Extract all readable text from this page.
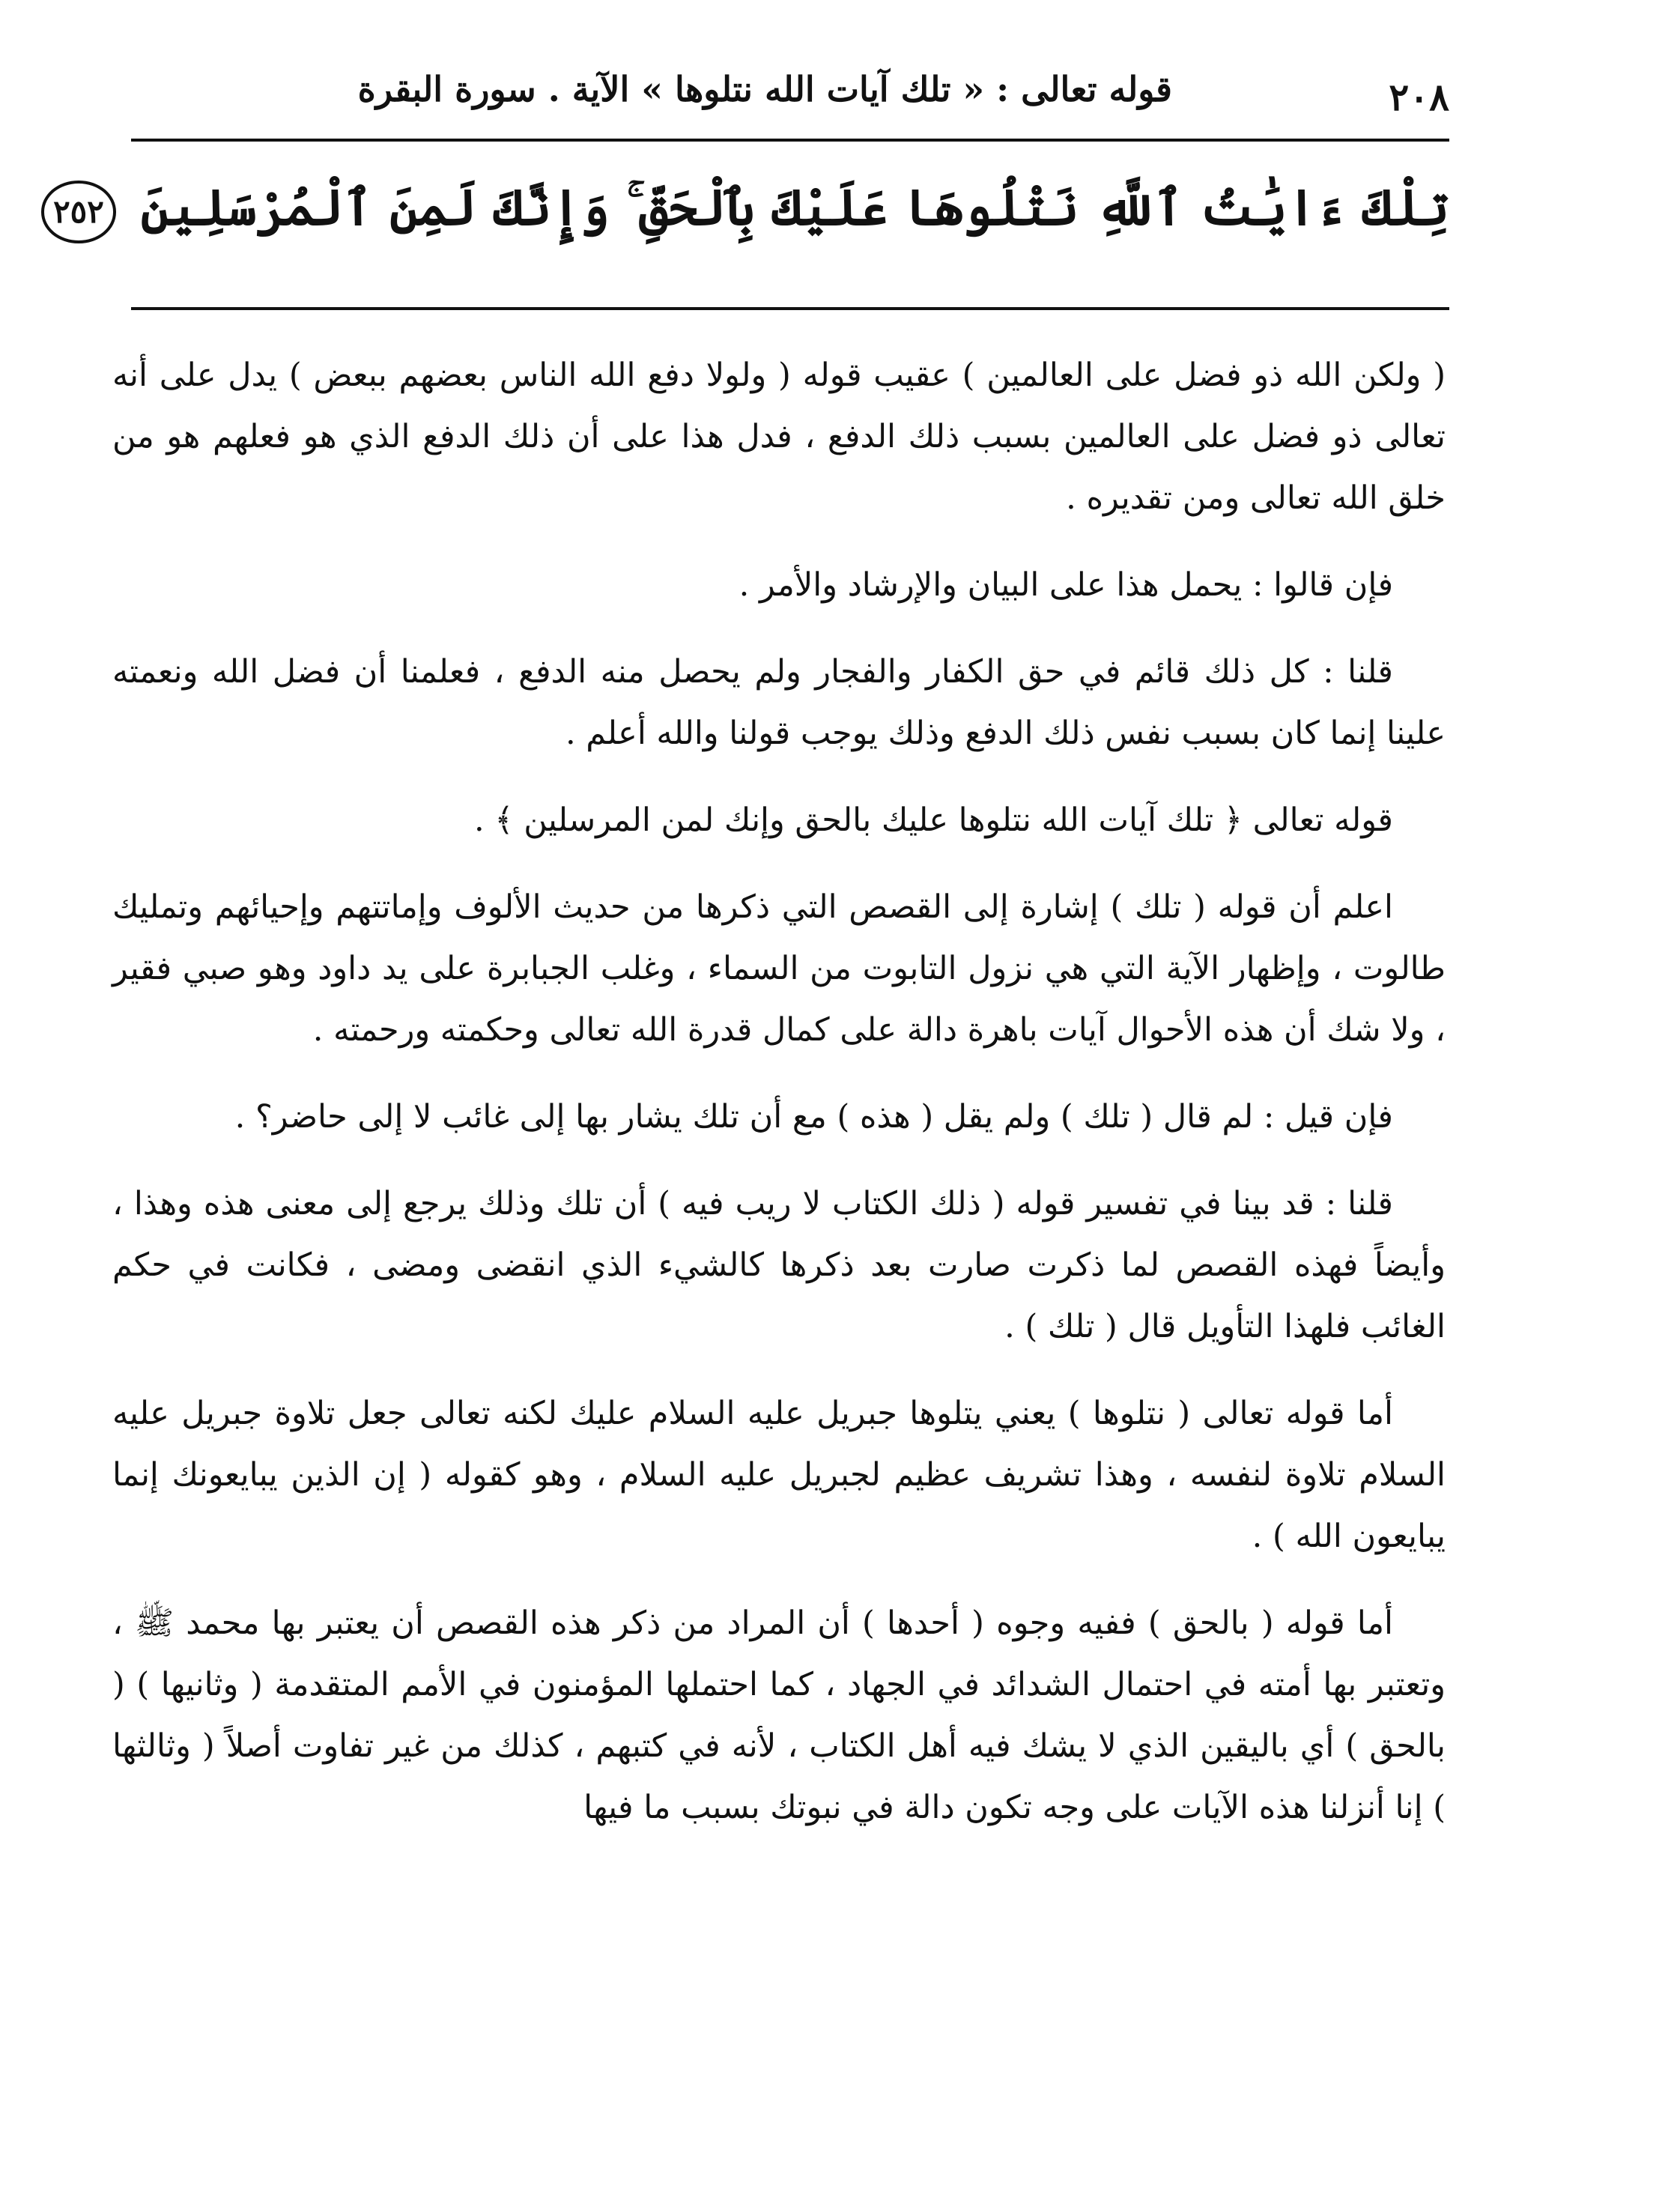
٢٠٨
قوله تعالى : « تلك آيات الله نتلوها » الآية . سورة البقرة
تِلْكَ ءَايَٰتُ ٱللَّهِ نَتْلُوهَا عَلَيْكَ بِٱلْحَقِّ ۚ وَإِنَّكَ لَمِنَ ٱلْمُرْسَلِينَ ٢٥٢

( ولكن الله ذو فضل على العالمين ) عقيب قوله ( ولولا دفع الله الناس بعضهم ببعض ) يدل على أنه تعالى ذو فضل على العالمين بسبب ذلك الدفع ، فدل هذا على أن ذلك الدفع الذي هو فعلهم هو من خلق الله تعالى ومن تقديره .

فإن قالوا : يحمل هذا على البيان والإرشاد والأمر .

قلنا : كل ذلك قائم في حق الكفار والفجار ولم يحصل منه الدفع ، فعلمنا أن فضل الله ونعمته علينا إنما كان بسبب نفس ذلك الدفع وذلك يوجب قولنا والله أعلم .

قوله تعالى ﴿ تلك آيات الله نتلوها عليك بالحق وإنك لمن المرسلين ﴾ .

اعلم أن قوله ( تلك ) إشارة إلى القصص التي ذكرها من حديث الألوف وإماتتهم وإحيائهم وتمليك طالوت ، وإظهار الآية التي هي نزول التابوت من السماء ، وغلب الجبابرة على يد داود وهو صبي فقير ، ولا شك أن هذه الأحوال آيات باهرة دالة على كمال قدرة الله تعالى وحكمته ورحمته .

فإن قيل : لم قال ( تلك ) ولم يقل ( هذه ) مع أن تلك يشار بها إلى غائب لا إلى حاضر؟ .

قلنا : قد بينا في تفسير قوله ( ذلك الكتاب لا ريب فيه ) أن تلك وذلك يرجع إلى معنى هذه وهذا ، وأيضاً فهذه القصص لما ذكرت صارت بعد ذكرها كالشيء الذي انقضى ومضى ، فكانت في حكم الغائب فلهذا التأويل قال ( تلك ) .

أما قوله تعالى ( نتلوها ) يعني يتلوها جبريل عليه السلام عليك لكنه تعالى جعل تلاوة جبريل عليه السلام تلاوة لنفسه ، وهذا تشريف عظيم لجبريل عليه السلام ، وهو كقوله ( إن الذين يبايعونك إنما يبايعون الله ) .

أما قوله ( بالحق ) ففيه وجوه ( أحدها ) أن المراد من ذكر هذه القصص أن يعتبر بها محمد ﷺ ، وتعتبر بها أمته في احتمال الشدائد في الجهاد ، كما احتملها المؤمنون في الأمم المتقدمة ( وثانيها ) ( بالحق ) أي باليقين الذي لا يشك فيه أهل الكتاب ، لأنه في كتبهم ، كذلك من غير تفاوت أصلاً ( وثالثها ) إنا أنزلنا هذه الآيات على وجه تكون دالة في نبوتك بسبب ما فيها
